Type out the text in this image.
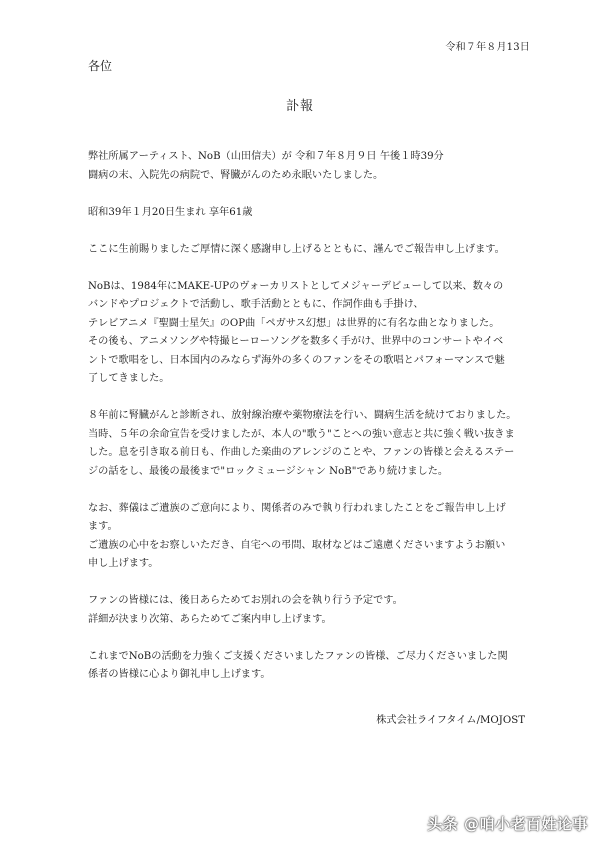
令和７年８月13日
各位
訃報

弊社所属アーティスト、NoB（山田信夫）が 令和７年８月９日 午後１時39分
闘病の末、入院先の病院で、腎臓がんのため永眠いたしました。

昭和39年１月20日生まれ 享年61歳

ここに生前賜りましたご厚情に深く感謝申し上げるとともに、謹んでご報告申し上げます。

NoBは、1984年にMAKE-UPのヴォーカリストとしてメジャーデビューして以来、数々の
バンドやプロジェクトで活動し、歌手活動とともに、作詞作曲も手掛け、
テレビアニメ『聖闘士星矢』のOP曲「ペガサス幻想」は世界的に有名な曲となりました。
その後も、アニメソングや特撮ヒーローソングを数多く手がけ、世界中のコンサートやイベ
ントで歌唱をし、日本国内のみならず海外の多くのファンをその歌唱とパフォーマンスで魅
了してきました。

８年前に腎臓がんと診断され、放射線治療や薬物療法を行い、闘病生活を続けておりました。
当時、５年の余命宣告を受けましたが、本人の"歌う"ことへの強い意志と共に強く戦い抜きま
した。息を引き取る前日も、作曲した楽曲のアレンジのことや、ファンの皆様と会えるステー
ジの話をし、最後の最後まで"ロックミュージシャン NoB"であり続けました。

なお、葬儀はご遺族のご意向により、関係者のみで執り行われましたことをご報告申し上げ
ます。
ご遺族の心中をお察しいただき、自宅への弔問、取材などはご遠慮くださいますようお願い
申し上げます。

ファンの皆様には、後日あらためてお別れの会を執り行う予定です。
詳細が決まり次第、あらためてご案内申し上げます。

これまでNoBの活動を力強くご支援くださいましたファンの皆様、ご尽力くださいました関
係者の皆様に心より御礼申し上げます。

株式会社ライフタイム/MOJOST
头条 @咱小老百姓论事
